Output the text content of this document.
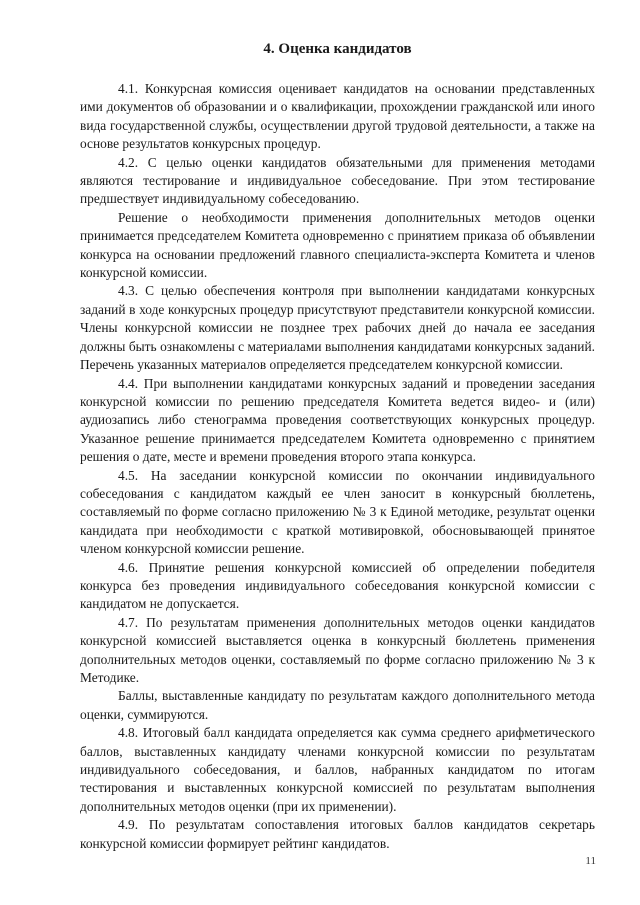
4. Оценка кандидатов

4.1. Конкурсная комиссия оценивает кандидатов на основании представленных ими документов об образовании и о квалификации, прохождении гражданской или иного вида государственной службы, осуществлении другой трудовой деятельности, а также на основе результатов конкурсных процедур.

4.2. С целью оценки кандидатов обязательными для применения методами являются тестирование и индивидуальное собеседование. При этом тестирование предшествует индивидуальному собеседованию.

Решение о необходимости применения дополнительных методов оценки принимается председателем Комитета одновременно с принятием приказа об объявлении конкурса на основании предложений главного специалиста-эксперта Комитета и членов конкурсной комиссии.

4.3. С целью обеспечения контроля при выполнении кандидатами конкурсных заданий в ходе конкурсных процедур присутствуют представители конкурсной комиссии. Члены конкурсной комиссии не позднее трех рабочих дней до начала ее заседания должны быть ознакомлены с материалами выполнения кандидатами конкурсных заданий. Перечень указанных материалов определяется председателем конкурсной комиссии.

4.4. При выполнении кандидатами конкурсных заданий и проведении заседания конкурсной комиссии по решению председателя Комитета ведется видео- и (или) аудиозапись либо стенограмма проведения соответствующих конкурсных процедур. Указанное решение принимается председателем Комитета одновременно с принятием решения о дате, месте и времени проведения второго этапа конкурса.

4.5. На заседании конкурсной комиссии по окончании индивидуального собеседования с кандидатом каждый ее член заносит в конкурсный бюллетень, составляемый по форме согласно приложению № 3 к Единой методике, результат оценки кандидата при необходимости с краткой мотивировкой, обосновывающей принятое членом конкурсной комиссии решение.

4.6. Принятие решения конкурсной комиссией об определении победителя конкурса без проведения индивидуального собеседования конкурсной комиссии с кандидатом не допускается.

4.7. По результатам применения дополнительных методов оценки кандидатов конкурсной комиссией выставляется оценка в конкурсный бюллетень применения дополнительных методов оценки, составляемый по форме согласно приложению № 3 к Методике.

Баллы, выставленные кандидату по результатам каждого дополнительного метода оценки, суммируются.

4.8. Итоговый балл кандидата определяется как сумма среднего арифметического баллов, выставленных кандидату членами конкурсной комиссии по результатам индивидуального собеседования, и баллов, набранных кандидатом по итогам тестирования и выставленных конкурсной комиссией по результатам выполнения дополнительных методов оценки (при их применении).

4.9. По результатам сопоставления итоговых баллов кандидатов секретарь конкурсной комиссии формирует рейтинг кандидатов.

11
